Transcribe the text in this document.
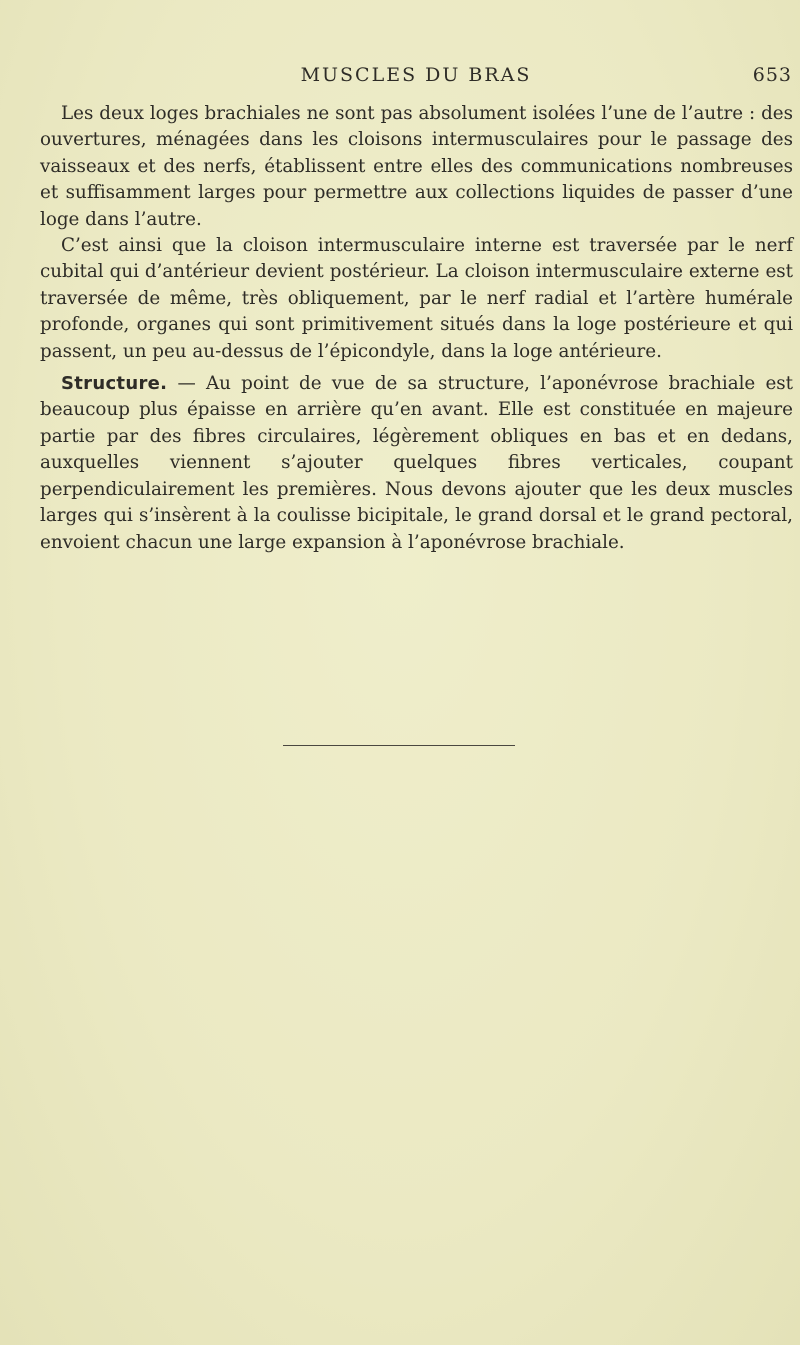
MUSCLES DU BRAS	653

Les deux loges brachiales ne sont pas absolument isolées l’une de l’autre : des ouvertures, ménagées dans les cloisons intermusculaires pour le passage des vaisseaux et des nerfs, établissent entre elles des communications nombreuses et suffisamment larges pour permettre aux collections liquides de passer d’une loge dans l’autre.

C’est ainsi que la cloison intermusculaire interne est traversée par le nerf cubital qui d’antérieur devient postérieur. La cloison intermusculaire externe est traversée de même, très obliquement, par le nerf radial et l’artère humérale profonde, organes qui sont primitivement situés dans la loge postérieure et qui passent, un peu au-dessus de l’épicondyle, dans la loge antérieure.

Structure. — Au point de vue de sa structure, l’aponévrose brachiale est beaucoup plus épaisse en arrière qu’en avant. Elle est constituée en majeure partie par des fibres circulaires, légèrement obliques en bas et en dedans, auxquelles viennent s’ajouter quelques fibres verticales, coupant perpendiculairement les premières. Nous devons ajouter que les deux muscles larges qui s’insèrent à la coulisse bicipitale, le grand dorsal et le grand pectoral, envoient chacun une large expansion à l’aponévrose brachiale.
